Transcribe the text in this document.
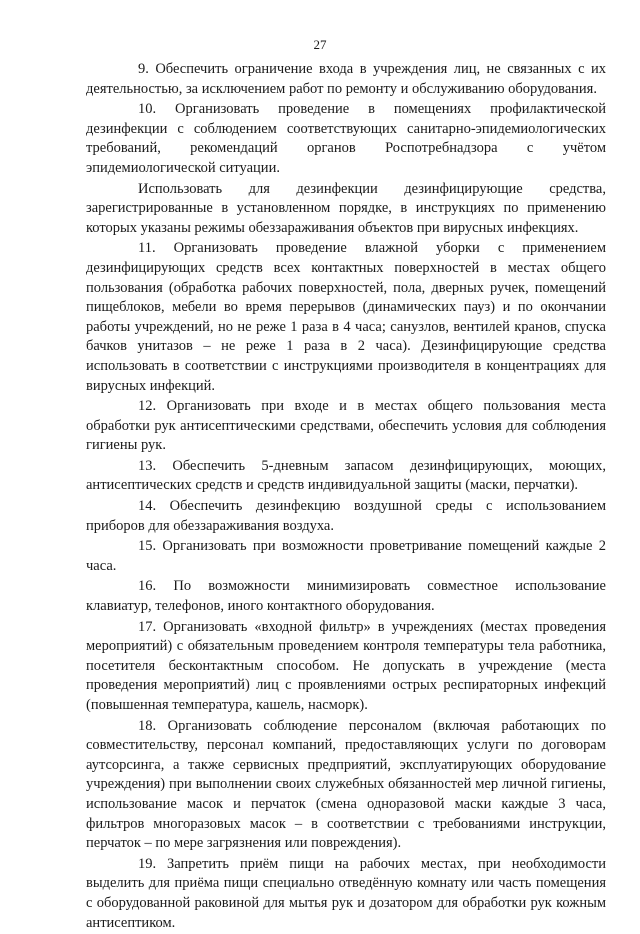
27

9. Обеспечить ограничение входа в учреждения лиц, не связанных с их деятельностью, за исключением работ по ремонту и обслуживанию оборудования.

10. Организовать проведение в помещениях профилактической дезинфекции с соблюдением соответствующих санитарно-эпидемиологических требований, рекомендаций органов Роспотребнадзора с учётом эпидемиологической ситуации.

Использовать для дезинфекции дезинфицирующие средства, зарегистрированные в установленном порядке, в инструкциях по применению которых указаны режимы обеззараживания объектов при вирусных инфекциях.

11. Организовать проведение влажной уборки с применением дезинфицирующих средств всех контактных поверхностей в местах общего пользования (обработка рабочих поверхностей, пола, дверных ручек, помещений пищеблоков, мебели во время перерывов (динамических пауз) и по окончании работы учреждений, но не реже 1 раза в 4 часа; санузлов, вентилей кранов, спуска бачков унитазов – не реже 1 раза в 2 часа). Дезинфицирующие средства использовать в соответствии с инструкциями производителя в концентрациях для вирусных инфекций.

12. Организовать при входе и в местах общего пользования места обработки рук антисептическими средствами, обеспечить условия для соблюдения гигиены рук.

13. Обеспечить 5-дневным запасом дезинфицирующих, моющих, антисептических средств и средств индивидуальной защиты (маски, перчатки).

14. Обеспечить дезинфекцию воздушной среды с использованием приборов для обеззараживания воздуха.

15. Организовать при возможности проветривание помещений каждые 2 часа.

16. По возможности минимизировать совместное использование клавиатур, телефонов, иного контактного оборудования.

17. Организовать «входной фильтр» в учреждениях (местах проведения мероприятий) с обязательным проведением контроля температуры тела работника, посетителя бесконтактным способом. Не допускать в учреждение (места проведения мероприятий) лиц с проявлениями острых респираторных инфекций (повышенная температура, кашель, насморк).

18. Организовать соблюдение персоналом (включая работающих по совместительству, персонал компаний, предоставляющих услуги по договорам аутсорсинга, а также сервисных предприятий, эксплуатирующих оборудование учреждения) при выполнении своих служебных обязанностей мер личной гигиены, использование масок и перчаток (смена одноразовой маски каждые 3 часа, фильтров многоразовых масок – в соответствии с требованиями инструкции, перчаток – по мере загрязнения или повреждения).

19. Запретить приём пищи на рабочих местах, при необходимости выделить для приёма пищи специально отведённую комнату или часть помещения с оборудованной раковиной для мытья рук и дозатором для обработки рук кожным антисептиком.
